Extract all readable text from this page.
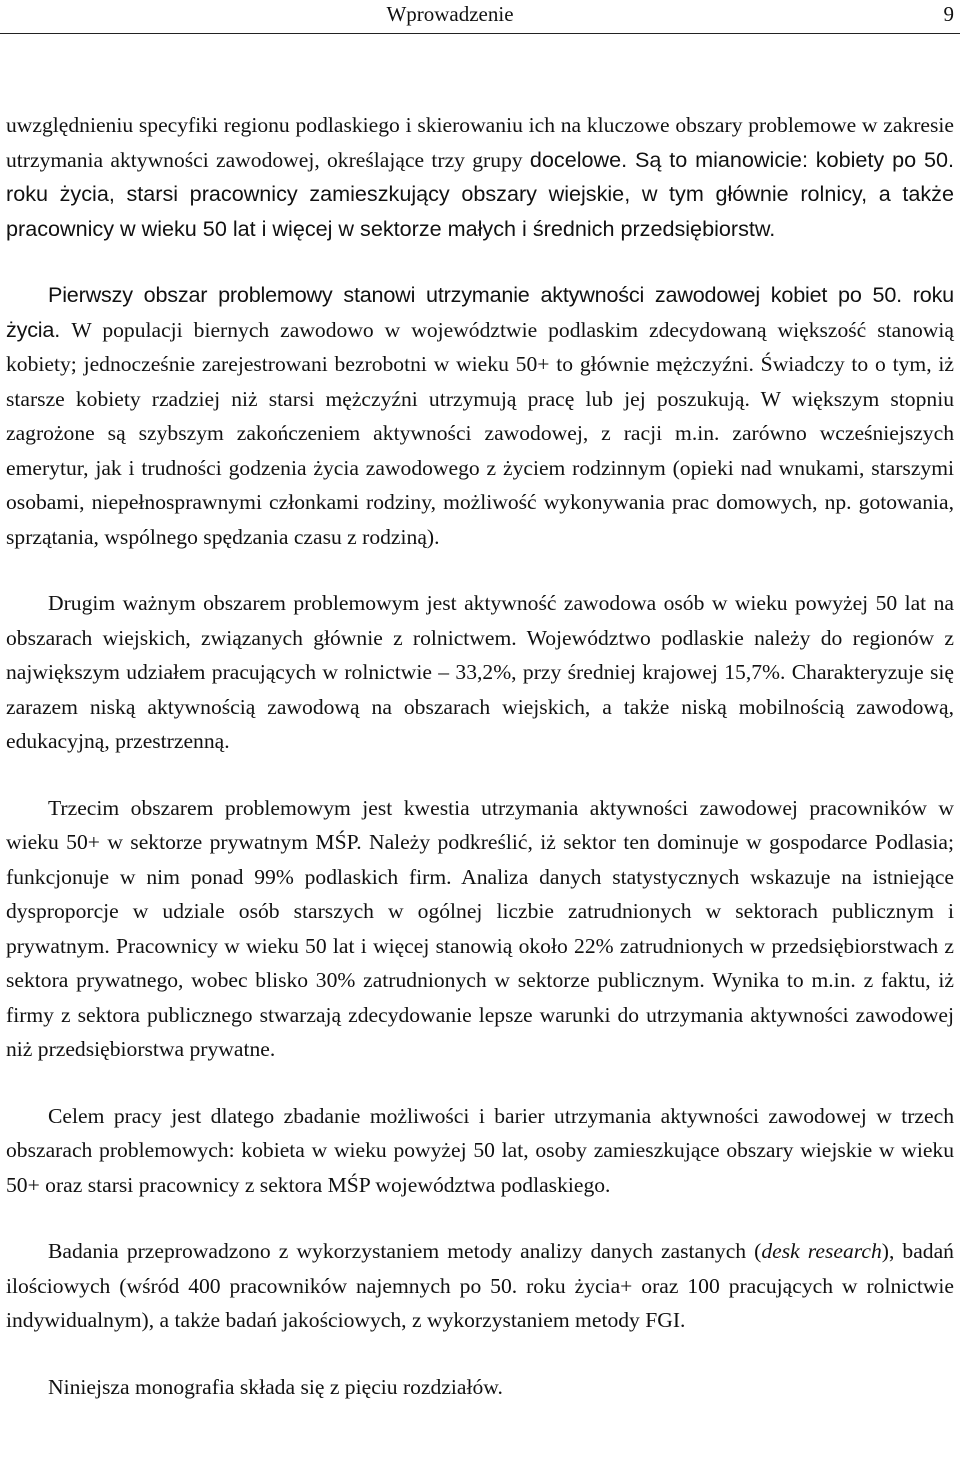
Wprowadzenie	9

uwzględnieniu specyfiki regionu podlaskiego i skierowaniu ich na kluczowe obszary problemowe w zakresie utrzymania aktywności zawodowej, określające trzy grupy docelowe. Są to mianowicie: kobiety po 50. roku życia, starsi pracownicy zamieszkujący obszary wiejskie, w tym głównie rolnicy, a także pracownicy w wieku 50 lat i więcej w sektorze małych i średnich przedsiębiorstw.

Pierwszy obszar problemowy stanowi utrzymanie aktywności zawodowej kobiet po 50. roku życia. W populacji biernych zawodowo w województwie podlaskim zdecydowaną większość stanowią kobiety; jednocześnie zarejestrowani bezrobotni w wieku 50+ to głównie mężczyźni. Świadczy to o tym, iż starsze kobiety rzadziej niż starsi mężczyźni utrzymują pracę lub jej poszukują. W większym stopniu zagrożone są szybszym zakończeniem aktywności zawodowej, z racji m.in. zarówno wcześniejszych emerytur, jak i trudności godzenia życia zawodowego z życiem rodzinnym (opieki nad wnukami, starszymi osobami, niepełnosprawnymi członkami rodziny, możliwość wykonywania prac domowych, np. gotowania, sprzątania, wspólnego spędzania czasu z rodziną).

Drugim ważnym obszarem problemowym jest aktywność zawodowa osób w wieku powyżej 50 lat na obszarach wiejskich, związanych głównie z rolnictwem. Województwo podlaskie należy do regionów z największym udziałem pracujących w rolnictwie – 33,2%, przy średniej krajowej 15,7%. Charakteryzuje się zarazem niską aktywnością zawodową na obszarach wiejskich, a także niską mobilnością zawodową, edukacyjną, przestrzenną.

Trzecim obszarem problemowym jest kwestia utrzymania aktywności zawodowej pracowników w wieku 50+ w sektorze prywatnym MŚP. Należy podkreślić, iż sektor ten dominuje w gospodarce Podlasia; funkcjonuje w nim ponad 99% podlaskich firm. Analiza danych statystycznych wskazuje na istniejące dysproporcje w udziale osób starszych w ogólnej liczbie zatrudnionych w sektorach publicznym i prywatnym. Pracownicy w wieku 50 lat i więcej stanowią około 22% zatrudnionych w przedsiębiorstwach z sektora prywatnego, wobec blisko 30% zatrudnionych w sektorze publicznym. Wynika to m.in. z faktu, iż firmy z sektora publicznego stwarzają zdecydowanie lepsze warunki do utrzymania aktywności zawodowej niż przedsiębiorstwa prywatne.

Celem pracy jest dlatego zbadanie możliwości i barier utrzymania aktywności zawodowej w trzech obszarach problemowych: kobieta w wieku powyżej 50 lat, osoby zamieszkujące obszary wiejskie w wieku 50+ oraz starsi pracownicy z sektora MŚP województwa podlaskiego.

Badania przeprowadzono z wykorzystaniem metody analizy danych zastanych (desk research), badań ilościowych (wśród 400 pracowników najemnych po 50. roku życia+ oraz 100 pracujących w rolnictwie indywidualnym), a także badań jakościowych, z wykorzystaniem metody FGI.

Niniejsza monografia składa się z pięciu rozdziałów.
